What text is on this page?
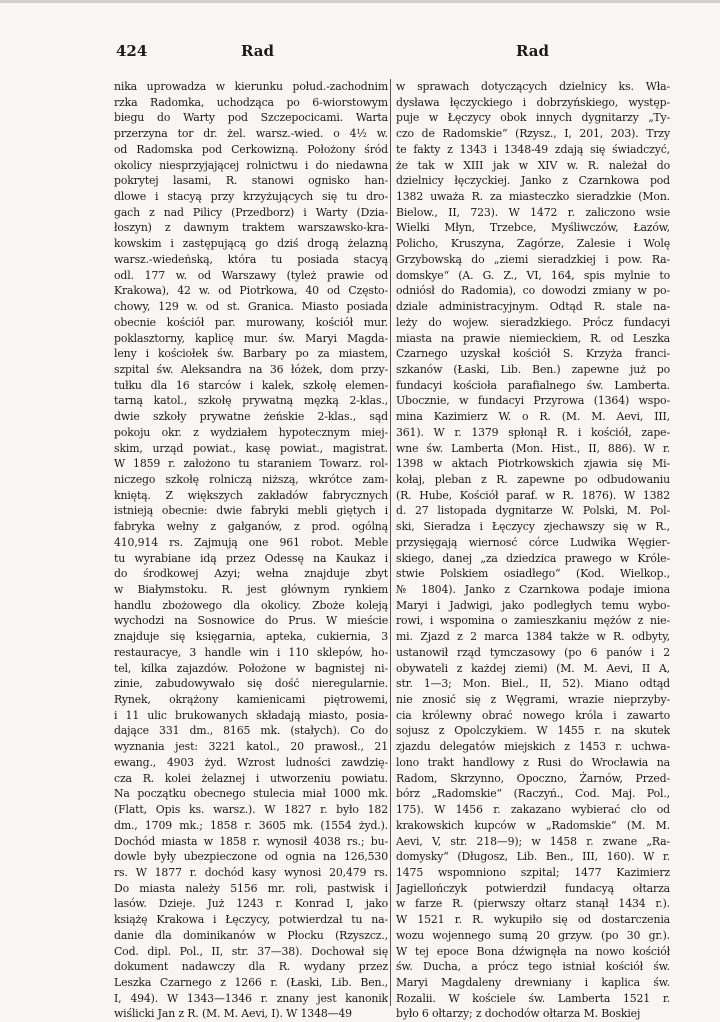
424	Rad	Rad
nika uprowadza w kierunku połud.-zachodnim
rzka Radomka, uchodząca po 6-wiorstowym
biegu do Warty pod Szczepocicami. Warta
przerzyna tor dr. żel. warsz.-wied. o 4½ w.
od Radomska pod Cerkowizną. Położony śród
okolicy niesprzyjającej rolnictwu i do niedawna
pokrytej lasami, R. stanowi ognisko han-
dlowe i stacyą przy krzyżujących się tu dro-
gach z nad Pilicy (Przedborz) i Warty (Dzia-
łoszyn) z dawnym traktem warszawsko-kra-
kowskim i zastępującą go dziś drogą żelazną
warsz.-wiedeńską, która tu posiada stacyą
odl. 177 w. od Warszawy (tyleż prawie od
Krakowa), 42 w. od Piotrkowa, 40 od Często-
chowy, 129 w. od st. Granica. Miasto posiada
obecnie kościół par. murowany, kościół mur.
poklasztorny, kaplicę mur. św. Maryi Magda-
leny i kościołek św. Barbary po za miastem,
szpital św. Aleksandra na 36 łóżek, dom przy-
tułku dla 16 starców i kalek, szkołę elemen-
tarną katol., szkołę prywatną męzką 2-klas.,
dwie szkoły prywatne żeńskie 2-klas., sąd
pokoju okr. z wydziałem hypotecznym miej-
skim, urząd powiat., kasę powiat., magistrat.
W 1859 r. założono tu staraniem Towarz. rol-
niczego szkołę rolniczą niższą, wkrótce zam-
kniętą. Z większych zakładów fabrycznych
istnieją obecnie: dwie fabryki mebli giętych i
fabryka wełny z gałganów, z prod. ogólną
410,914 rs. Zajmują one 961 robot. Meble
tu wyrabiane idą przez Odessę na Kaukaz i
do środkowej Azyi; wełna znajduje zbyt
w Białymstoku. R. jest głównym rynkiem
handlu zbożowego dla okolicy. Zboże koleją
wychodzi na Sosnowice do Prus. W mieście
znajduje się księgarnia, apteka, cukiernia, 3
restauracye, 3 handle win i 110 sklepów, ho-
tel, kilka zajazdów. Położone w bagnistej ni-
zinie, zabudowywało się dość nieregularnie.
Rynek, okrążony kamienicami piętrowemi,
i 11 ulic brukowanych składają miasto, posia-
dające 331 dm., 8165 mk. (stałych). Co do
wyznania jest: 3221 katol., 20 prawosł., 21
ewang., 4903 żyd. Wzrost ludności zawdzię-
cza R. kolei żelaznej i utworzeniu powiatu.
Na początku obecnego stulecia miał 1000 mk.
(Flatt, Opis ks. warsz.). W 1827 r. było 182
dm., 1709 mk.; 1858 r. 3605 mk. (1554 żyd.).
Dochód miasta w 1858 r. wynosił 4038 rs.; bu-
dowle były ubezpieczone od ognia na 126,530
rs. W 1877 r. dochód kasy wynosi 20,479 rs.
Do miasta należy 5156 mr. roli, pastwisk i
lasów. Dzieje. Już 1243 r. Konrad I, jako
książę Krakowa i Łęczycy, potwierdzał tu na-
danie dla dominikanów w Płocku (Rzyszcz.,
Cod. dipl. Pol., II, str. 37—38). Dochował się
dokument nadawczy dla R. wydany przez
Leszka Czarnego z 1266 r. (Łaski, Lib. Ben.,
I, 494). W 1343—1346 r. znany jest kanonik
wiślicki Jan z R. (M. M. Aevi, I). W 1348—49
w sprawach dotyczących dzielnicy ks. Wła-
dysława łęczyckiego i dobrzyńskiego, występ-
puje w Łęczycy obok innych dygnitarzy „Ty-
czo de Radomskie“ (Rzysz., I, 201, 203). Trzy
te fakty z 1343 i 1348-49 zdają się świadczyć,
że tak w XIII jak w XIV w. R. należał do
dzielnicy łęczyckiej. Janko z Czarnkowa pod
1382 uważa R. za miasteczko sieradzkie (Mon.
Bielow., II, 723). W 1472 r. zaliczono wsie
Wielki Młyn, Trzebce, Myśliwczów, Łazów,
Policho, Kruszyna, Zagórze, Zalesie i Wolę
Grzybowską do „ziemi sieradzkiej i pow. Ra-
domskye“ (A. G. Z., VI, 164, spis mylnie to
odniósł do Radomia), co dowodzi zmiany w po-
dziale administracyjnym. Odtąd R. stale na-
leży do wojew. sieradzkiego. Prócz fundacyi
miasta na prawie niemieckiem, R. od Leszka
Czarnego uzyskał kościół S. Krzyża franci-
szkanów (Łaski, Lib. Ben.) zapewne już po
fundacyi kościoła parafialnego św. Lamberta.
Ubocznie, w fundacyi Przyrowa (1364) wspo-
mina Kazimierz W. o R. (M. M. Aevi, III,
361). W r. 1379 spłonął R. i kościół, zape-
wne św. Lamberta (Mon. Hist., II, 886). W r.
1398 w aktach Piotrkowskich zjawia się Mi-
kołaj, pleban z R. zapewne po odbudowaniu
(R. Hube, Kościół paraf. w R. 1876). W 1382
d. 27 listopada dygnitarze W. Polski, M. Pol-
ski, Sieradza i Łęczycy zjechawszy się w R.,
przysięgają wiernosć córce Ludwika Węgier-
skiego, danej „za dziedzica prawego w Króle-
stwie Polskiem osiadłego“ (Kod. Wielkop.,
№ 1804). Janko z Czarnkowa podaje imiona
Maryi i Jadwigi, jako podległych temu wybo-
rowi, i wspomina o zamieszkaniu mężów z nie-
mi. Zjazd z 2 marca 1384 także w R. odbyty,
ustanowił rząd tymczasowy (po 6 panów i 2
obywateli z każdej ziemi) (M. M. Aevi, II A,
str. 1—3; Mon. Biel., II, 52). Miano odtąd
nie znosić się z Węgrami, wrazie nieprzyby-
cia królewny obrać nowego króla i zawarto
sojusz z Opolczykiem. W 1455 r. na skutek
zjazdu delegatów miejskich z 1453 r. uchwa-
lono trakt handlowy z Rusi do Wrocławia na
Radom, Skrzynno, Opoczno, Żarnów, Przed-
bórz „Radomskie“ (Raczyń., Cod. Maj. Pol.,
175). W 1456 r. zakazano wybierać cło od
krakowskich kupców w „Radomskie“ (M. M.
Aevi, V, str. 218—9); w 1458 r. zwane „Ra-
domysky“ (Długosz, Lib. Ben., III, 160). W r.
1475 wspomniono szpital; 1477 Kazimierz
Jagiellończyk potwierdził fundacyą ołtarza
w farze R. (pierwszy ołtarz stanął 1434 r.).
W 1521 r. R. wykupiło się od dostarczenia
wozu wojennego sumą 20 grzyw. (po 30 gr.).
W tej epoce Bona dźwignęła na nowo kościół
św. Ducha, a prócz tego istniał kościół św.
Maryi Magdaleny drewniany i kaplica św.
Rozalii. W kościele św. Lamberta 1521 r.
było 6 ołtarzy; z dochodów ołtarza M. Boskiej
